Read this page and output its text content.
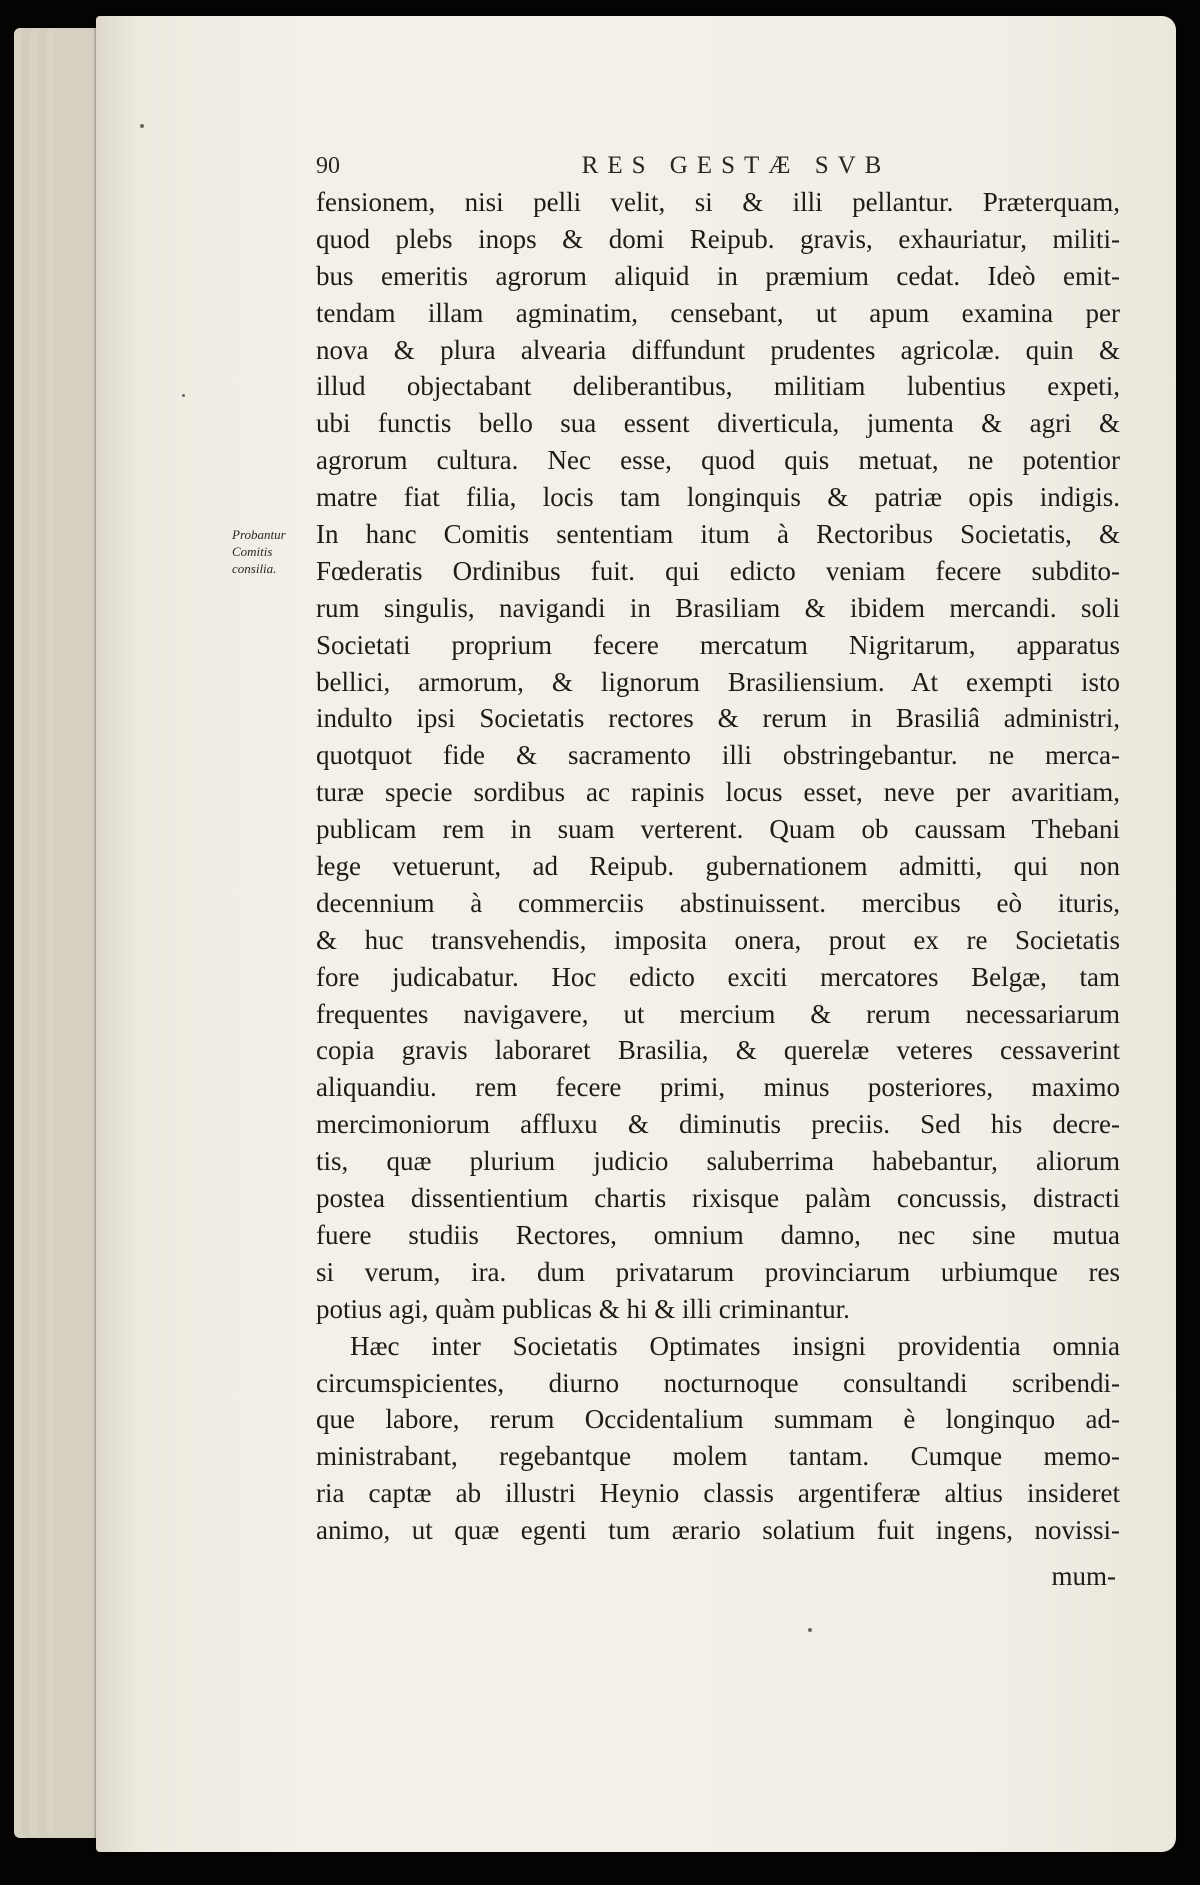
90	RES GESTÆ SVB
Probantur
Comitis
consilia.
fensionem, nisi pelli velit, si & illi pellantur. Præterquam,
quod plebs inops & domi Reipub. gravis, exhauriatur, militi-
bus emeritis agrorum aliquid in præmium cedat. Ideò emit-
tendam illam agminatim, censebant, ut apum examina per
nova & plura alvearia diffundunt prudentes agricolæ. quin &
illud objectabant deliberantibus, militiam lubentius expeti,
ubi functis bello sua essent diverticula, jumenta & agri &
agrorum cultura. Nec esse, quod quis metuat, ne potentior
matre fiat filia, locis tam longinquis & patriæ opis indigis.
In hanc Comitis sententiam itum à Rectoribus Societatis, &
Fœderatis Ordinibus fuit. qui edicto veniam fecere subdito-
rum singulis, navigandi in Brasiliam & ibidem mercandi. soli
Societati proprium fecere mercatum Nigritarum, apparatus
bellici, armorum, & lignorum Brasiliensium. At exempti isto
indulto ipsi Societatis rectores & rerum in Brasiliâ administri,
quotquot fide & sacramento illi obstringebantur. ne merca-
turæ specie sordibus ac rapinis locus esset, neve per avaritiam,
publicam rem in suam verterent. Quam ob caussam Thebani
lege vetuerunt, ad Reipub. gubernationem admitti, qui non
decennium à commerciis abstinuissent. mercibus eò ituris,
& huc transvehendis, imposita onera, prout ex re Societatis
fore judicabatur. Hoc edicto exciti mercatores Belgæ, tam
frequentes navigavere, ut mercium & rerum necessariarum
copia gravis laboraret Brasilia, & querelæ veteres cessaverint
aliquandiu. rem fecere primi, minus posteriores, maximo
mercimoniorum affluxu & diminutis preciis. Sed his decre-
tis, quæ plurium judicio saluberrima habebantur, aliorum
postea dissentientium chartis rixisque palàm concussis, distracti
fuere studiis Rectores, omnium damno, nec sine mutua
si verum, ira. dum privatarum provinciarum urbiumque res
potius agi, quàm publicas & hi & illi criminantur.
Hæc inter Societatis Optimates insigni providentia omnia
circumspicientes, diurno nocturnoque consultandi scribendi-
que labore, rerum Occidentalium summam è longinquo ad-
ministrabant, regebantque molem tantam. Cumque memo-
ria captæ ab illustri Heynio classis argentiferæ altius insideret
animo, ut quæ egenti tum ærario solatium fuit ingens, novissi-
mum-
